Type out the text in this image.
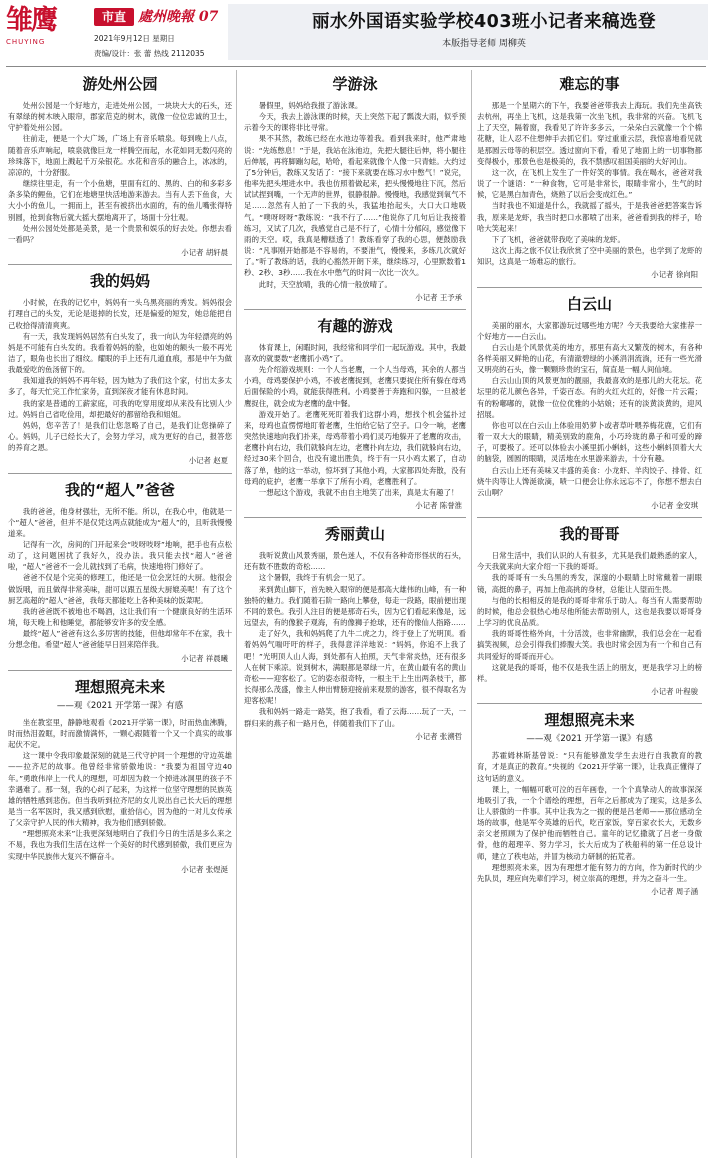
雏鹰
CHUYING
市直 處州晚報 07
2021年9月12日 星期日
责编/设计：张 蕾 热线 2112035
丽水外国语实验学校403班小记者来稿选登
本版指导老师 周柳英
游处州公园

处州公园是一个好地方，走进处州公园，一块块大大的石头，还有翠绿的树木映入眼帘，郡家范克的树木，就像一位位忠诚的卫士，守护着处州公园。

往前走，便是一个大广场，广场上有音乐喷泉。每到晚上八点，随着音乐声响起，喷泉就像巨龙一样腾空而起，水花如同无数闪亮的珍珠落下，地面上溅起千万朵银花。水花和音乐的融合上，冰冰的，凉凉的，十分舒服。

继续往里走，有一个小鱼塘，里面有红的、黑的、白的和多彩多条多染的鲤鱼，它们在地塘里快活地游来游去。当有人丢下鱼食，大大小小的鱼儿，一拥而上，甚至有被挤出水面的，有的鱼儿嘴张得特别圆，抢到食物后就大摇大摆地离开了，场面十分壮观。

处州公园处处都是美景，是一个贵景和娱乐的好去处。你想去看一看吗？

小记者 胡轩晨
我的妈妈

小时候，在我的记忆中，妈妈有一头乌黑亮丽的秀发。妈妈很会打理自己的头发，无论是退掉的长发，还是偏爱的短发，她总能把自己收拾得清清爽爽。

有一天，我发现妈妈居然有白头发了，我一向认为年轻漂亮的妈妈是不可能有白头发的。我看着妈妈的脸，也如她的额头一般不再光洁了，眼角也长出了细纹。耀眼的手上还有几道血痕，那是中午为做我最爱吃的鱼汤留下的。

我知道我的妈妈不再年轻，因为她为了我们这个家，付出太多太多了，每天忙完工作忙家务，直到深夜才能有休息时间。

我的家是普通的工薪家庭，可我的吃穿用度却从来没有比别人少过。妈妈自己省吃俭用，却把最好的都留给我和姐姐。

妈妈，您辛苦了！是我们让您忽略了自己，是我们让您操碎了心。妈妈，儿子已经长大了，会努力学习，成为更好的自己，报答您的养育之恩。

小记者 赵夏
我的“超人”爸爸

我的爸爸，他身材强壮，无所不能。所以，在我心中，他就是一个“超人”爸爸，但并不是仅凭这两点就能成为“超人”的，且听我慢慢道来。

记得有一次，房间的门开起来会“吱呀吱呀”地响，把手也有点松动了，这问题困扰了我好久，没办法。我只能去找“超人”爸爸啦，“超人”爸爸不一会儿就找到了毛病，快速地将门修好了。

爸爸不仅是个完美的修理工，他还是一位会烹饪的大厨。他很会做饭哦，而且做得非常美味，甜可以跟五星级大厨媲美呢！有了这个厨艺高超的“超人”爸爸，我每天都能吃上各种美味的饭菜呢。

我的爸爸既不被地也不喝酒，这让我们有一个健康良好的生活环境，每天晚上和他睡觉，都能够安许多的安全感。

最终“超人”爸爸有这么多厉害的技能，但他却常年不在家，我十分想念他。希望“超人”爸爸能早日回来陪伴我。

小记者 祥晨曦
理想照亮未来
——观《2021 开学第一课》有感

坐在教室里，静静地观看《2021开学第一课》，时而热血沸腾，时而热泪盈眶，时而激情满怀，一颗心跟随着一个又一个真实的故事起伏不定。

这一课中令我印象最深刻的就是三代守护同一个理想的守边英雄——拉齐尼的故事。他曾经非常骄傲地说：“我要为祖国守边40年。”勇敢伟岸上一代人的理想，可却因为救一个掉进冰洞里的孩子不幸遇难了。那一刻，我的心纠了起来，为这样一位坚守理想的民族英雄的牺牲感到悲伤。但当我听到拉齐尼的女儿说出自己长大后的理想是当一名军医时，我又感到欣慰，重拾信心，因为他的一对儿女传承了父亲守护人民的伟大精神，我为他们感到骄傲。

“理想照亮未来”让我更深刻地明白了我们今日的生活是多么来之不易，我也为我们生活在这样一个美好的时代感到骄傲，我们更应为实现中华民族伟大复兴不懈奋斗。

小记者 张煜涎
学游泳

暑假里，妈妈给我报了游泳课。

今天，我去上游泳课的时候，天上突然下起了瓢泼大雨，似乎预示着今天的课将非比寻常。

果不其然，教练已经在水池边等着我。看到我来时，他严肃地说：“先练憋息！”于是，我站在泳池边，先把大腿往后伸，将小腿往后伸展，再将脚蹦勾起，哈哈，看起来就像个人像一只青蛙。大约过了5分钟后，教练又发话了：“接下来就要在练习水中憋气！”说完，他率先把头埋进水中。我也仿照着做起来，把头慢慢地往下沉，然后试试捏到嘴，一个无声的世界，很静很静。慢慢地，我感觉到氧气不足……忽然有人拍了一下我的头，我猛地抬起头，大口大口地吸气。“噗呀呀呀”教练说：“我不行了……”他说你了几句后让我接着练习，又试了几次，我感觉自己是不行了，心情十分郁闷，感觉像下雨的天空。哎，我真是糟糕透了！教练看穿了我的心思，便鼓励我说：“凡事刚开始都是不容易的，不要泄气，慢慢来，多练几次就好了。”听了教练的话，我的心豁然开朗下来，继续练习，心里默数着1秒、2秒、3秒……我在水中憋气的时间一次比一次久。

此时，天空放晴，我的心情一般放晴了。

小记者 王予承
有趣的游戏

体育课上，闲暇时间，我经常和同学们一起玩游戏。其中，我最喜欢的就要数“老鹰抓小鸡”了。

先介绍游戏规则：一个人当老鹰，一个人当母鸡，其余的人都当小鸡，母鸡要保护小鸡，不被老鹰捉到，老鹰只要捉住所有躲在母鸡后面保险的小鸡，就能获得胜利。小鸡要善于奔跑和闪躲，一旦被老鹰捉住，就会成为老鹰的盘中餐。

游戏开始了。老鹰死死盯着我们这群小鸡，想找个机会猛扑过来，母鸡也直愣愣地盯着老鹰，生怕给它钻了空子。口令一响，老鹰突然快速地向我们扑来，母鸡带着小鸡们灵巧地躲开了老鹰的攻击，老鹰扑向右边，我们就躲向左边，老鹰扑向左边，我们就躲向右边，经过30来个回合，也没有逮出胜负，终于有一只小鸡太累了，自动落了单，他的这一举动，惊坏到了其他小鸡，大家都四处奔散，没有母鸡的庇护，老鹰一举拿下了所有小鸡，老鹰胜利了。

一想起这个游戏，我就不由自主地笑了出来，真是太有趣了！

小记者 陈誉淮
秀丽黄山

我听说黄山风景秀丽，景色迷人，不仅有各种奇形怪状的石头，还有数不胜数的奇松……

这个暑假，我终于有机会一见了。

来到黄山脚下，首先映入眼帘的便是那高大雄伟的山峰，有一种独特的魅力。我们随着石阶一路向上攀登，每走一段路，眼前便出现不同的景色。我引人注目的便是那奇石头，因为它们看起来像是，远远望去，有的像猴子观海，有的像狮子抢球，还有的像仙人指路……

走了好久，我和妈妈爬了九牛二虎之力，终于登上了光明顶。看着妈妈气喘吁吁的样子，我得意洋洋地说：“妈妈，你追不上我了吧！”光明顶人山人海，到处都有人拍照，天气非常炎热，还有很多人在树下乘凉。说到树木，满眼都是翠绿一片，在黄山最有名的黄山奇松——迎客松了。它的姿态很奇特，一根主干上生出两条枝干，都长得那么茂盛，像主人伸出臂膀迎接前来观景的游客，很不得取名为迎客松呢！

我和妈妈一路走一路笑，抱了我看，看了云海……玩了一天，一群归来的燕子和一路月色，伴随着我们下了山。

小记者 张溯哲
难忘的事

那是一个星期六的下午，我要爸爸带我去上海玩。我们先坐高铁去杭州，再坐上飞机，这是我第一次坐飞机，我非常的兴奋。飞机飞上了天空，隔着窗，我看见了许许多多云，一朵朵白云就像一个个棉花糖，让人忍不住想伸手去抓它们。穿过重重云层，我惊喜地看见就是那圆云母等的积层空。透过窗向下看，看见了地面上的一切事物都变得极小，那景色也是极美的，我不禁感叹祖国美丽的大好河山。

这一次，在飞机上发生了一件好笑的事情。我在喝水，爸爸对我说了一个谜语：“一种食物，它可是非常长，眼睛非常小，生气的时候，它是黑白加青色，烧熟了以后会变成红色。”

当时我也不知道是什么，我就摇了摇头，于是我爸爸把答案告诉我，原来是龙虾，我当时把口水都喷了出来，爸爸看到我的样子，哈哈大笑起来！

下了飞机，爸爸就带我吃了美味的龙虾。

这次上海之旅不仅让我欣赏了空中美丽的景色，也学到了龙虾的知识，这真是一场难忘的旅行。

小记者 徐向阳
白云山

美丽的丽水，大家都游玩过哪些地方呢？今天我要给大家推荐一个好地方——白云山。

白云山是个风景优美的地方，那里有高大又繁茂的树木，有各种各样美丽又鲜艳的山花，有清澈碧绿的小溪涓涓流淌，还有一些光滑又明亮的石头，像一颗颗珍贵的宝石，简直是一幅人间仙境。

白云山山顶的风景更加的靓丽，我最喜欢的是那儿的大花坛。花坛里的花儿颜色各异，千姿百态。有的火红火红的，好像一片云霞；有的粉嘟嘟的，就像一位位优雅的小姑娘；还有的淡黄淡黄的，迎风招展。

你也可以在白云山上体验用奶萝卜或者草叶喂养梅花鹿，它们有着一双大大的眼睛，精美别致的鹿角，小巧玲珑的鼻子和可爱的蹄子，可要极了。还可以体验去小溪里抓小蝌蚪，这些小蝌蚪顶着大大的脑袋，圆圆的眼睛，灵活地在水里游来游去，十分有趣。

白云山上还有美味又丰盛的美食：小龙虾、羊肉饺子、排骨、红烧牛肉等让人馋涎欲滴，啧一口便会让你永远忘不了，你想不想去白云山啊？

小记者 金安琪
我的哥哥

日常生活中，我们认识的人有很多，尤其是我们最熟悉的家人，今天我就来向大家介绍一下我的哥哥。

我的哥哥有一头乌黑的秀发，深邃的小眼睛上时常戴着一副眼镜，高挺的鼻子，再加上他高挑的身材，总能让人望而生畏。

与他的长相相反的是我的哥哥非常乐于助人。每当有人需要帮助的时候，他总会很热心地尽他所能去帮助别人，这也是我要以哥哥身上学习的优良品质。

我的哥哥性格外向，十分活泼，也非常幽默，我们总会在一起看搞笑视频，总会引得我们捧腹大笑。我也时常会因为有一个和自己有共同爱好的哥哥而开心。

这就是我的哥哥，他不仅是我生活上的朋友，更是我学习上的榜样。

小记者 叶程骏
理想照亮未来
——观《2021 开学第一课》有感

苏霍姆林斯基曾说：“只有能够激发学生去进行自我教育的教育，才是真正的教育。”央视的《2021开学第一课》，让我真正懂得了这句话的意义。

课上，一幅幅可歌可泣的百年画卷，一个个真挚动人的故事深深地吸引了我，一个个谱绘的理想，百年之后都成为了现实，这是多么让人骄傲的一件事。其中让我为之一振的便是吕老师——那位感动全场的故事，他是军令英雄的后代，吃百家饭，穿百家衣长大，无数乡亲父老照顾为了保护他而牺牲自己。童年的记忆撒就了吕老一身傲骨，他的超理辛、努力学习，长大后成为了秩船科的第一任总设计师，建立了秩电站，并冒为核动力研制的拓荒者。

理想照亮未来，因为有理想才能有努力的方向，作为新时代的少先队员，理应向先辈们学习，树立崇高的理想，并为之奋斗一生。

小记者 周子涵
